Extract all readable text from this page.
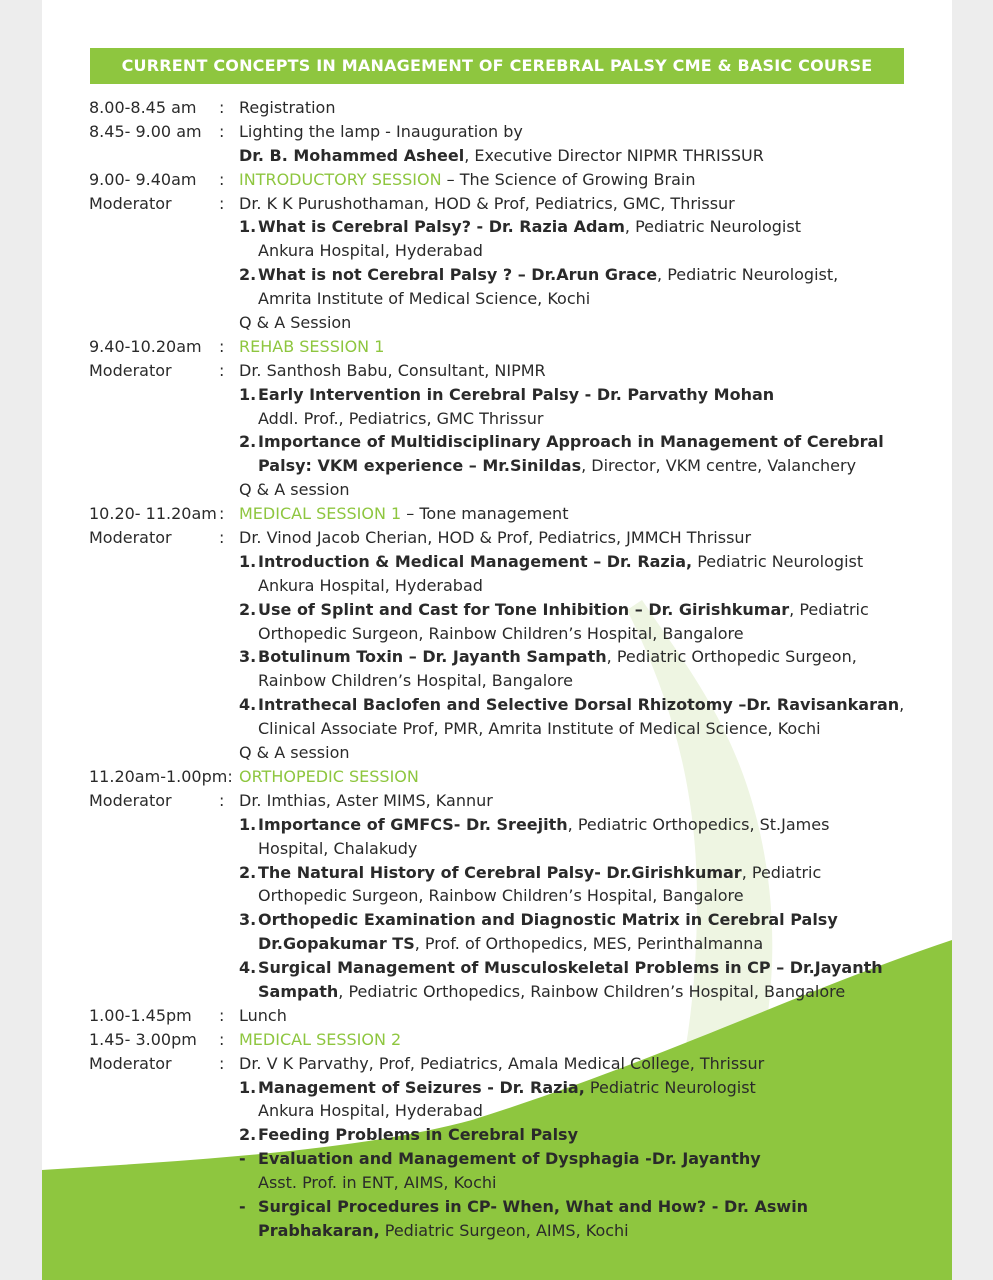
CURRENT CONCEPTS IN MANAGEMENT OF CEREBRAL PALSY CME & BASIC COURSE
8.00-8.45 am : Registration
8.45- 9.00 am : Lighting the lamp - Inauguration by
Dr. B. Mohammed Asheel, Executive Director NIPMR THRISSUR
9.00- 9.40am : INTRODUCTORY SESSION – The Science of Growing Brain
Moderator	: Dr. K K Purushothaman, HOD & Prof, Pediatrics, GMC, Thrissur
1. What is Cerebral Palsy? - Dr. Razia Adam, Pediatric Neurologist
Ankura Hospital, Hyderabad
2. What is not Cerebral Palsy ? – Dr.Arun Grace, Pediatric Neurologist,
Amrita Institute of Medical Science, Kochi
Q & A Session
9.40-10.20am : REHAB SESSION 1
Moderator	: Dr. Santhosh Babu, Consultant, NIPMR
1. Early Intervention in Cerebral Palsy - Dr. Parvathy Mohan
Addl. Prof., Pediatrics, GMC Thrissur
2. Importance of Multidisciplinary Approach in Management of Cerebral
Palsy: VKM experience – Mr.Sinildas, Director, VKM centre, Valanchery
Q & A session
10.20- 11.20am : MEDICAL SESSION 1 – Tone management
Moderator	: Dr. Vinod Jacob Cherian, HOD & Prof, Pediatrics, JMMCH Thrissur
1. Introduction & Medical Management – Dr. Razia, Pediatric Neurologist
Ankura Hospital, Hyderabad
2. Use of Splint and Cast for Tone Inhibition – Dr. Girishkumar, Pediatric
Orthopedic Surgeon, Rainbow Children’s Hospital, Bangalore
3. Botulinum Toxin – Dr. Jayanth Sampath, Pediatric Orthopedic Surgeon,
Rainbow Children’s Hospital, Bangalore
4. Intrathecal Baclofen and Selective Dorsal Rhizotomy –Dr. Ravisankaran,
Clinical Associate Prof, PMR, Amrita Institute of Medical Science, Kochi
Q & A session
11.20am-1.00pm: ORTHOPEDIC SESSION
Moderator	: Dr. Imthias, Aster MIMS, Kannur
1. Importance of GMFCS- Dr. Sreejith, Pediatric Orthopedics, St.James
Hospital, Chalakudy
2. The Natural History of Cerebral Palsy- Dr.Girishkumar, Pediatric
Orthopedic Surgeon, Rainbow Children’s Hospital, Bangalore
3. Orthopedic Examination and Diagnostic Matrix in Cerebral Palsy
Dr.Gopakumar TS, Prof. of Orthopedics, MES, Perinthalmanna
4. Surgical Management of Musculoskeletal Problems in CP – Dr.Jayanth
Sampath, Pediatric Orthopedics, Rainbow Children’s Hospital, Bangalore
1.00-1.45pm : Lunch
1.45- 3.00pm : MEDICAL SESSION 2
Moderator	: Dr. V K Parvathy, Prof, Pediatrics, Amala Medical College, Thrissur
1. Management of Seizures - Dr. Razia, Pediatric Neurologist
Ankura Hospital, Hyderabad
2. Feeding Problems in Cerebral Palsy
- Evaluation and Management of Dysphagia -Dr. Jayanthy
Asst. Prof. in ENT, AIMS, Kochi
- Surgical Procedures in CP- When, What and How? - Dr. Aswin
Prabhakaran, Pediatric Surgeon, AIMS, Kochi
